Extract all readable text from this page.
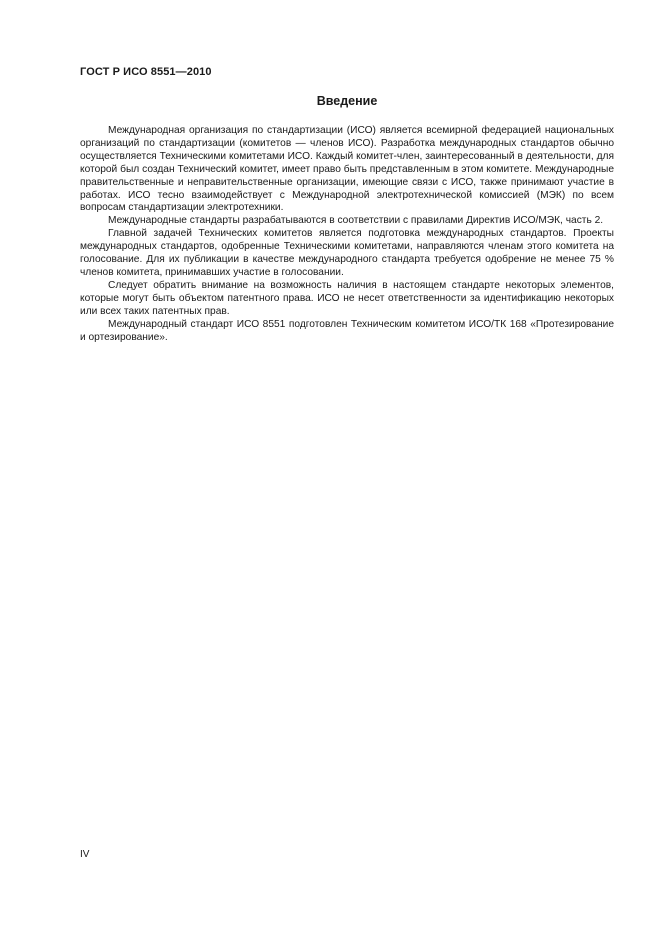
ГОСТ Р ИСО 8551—2010
Введение

Международная организация по стандартизации (ИСО) является всемирной федерацией национальных организаций по стандартизации (комитетов — членов ИСО). Разработка международных стандартов обычно осуществляется Техническими комитетами ИСО. Каждый комитет-член, заинтересованный в деятельности, для которой был создан Технический комитет, имеет право быть представленным в этом комитете. Международные правительственные и неправительственные организации, имеющие связи с ИСО, также принимают участие в работах. ИСО тесно взаимодействует с Международной электротехнической комиссией (МЭК) по всем вопросам стандартизации электротехники.

Международные стандарты разрабатываются в соответствии с правилами Директив ИСО/МЭК, часть 2.

Главной задачей Технических комитетов является подготовка международных стандартов. Проекты международных стандартов, одобренные Техническими комитетами, направляются членам этого комитета на голосование. Для их публикации в качестве международного стандарта требуется одобрение не менее 75 % членов комитета, принимавших участие в голосовании.

Следует обратить внимание на возможность наличия в настоящем стандарте некоторых элементов, которые могут быть объектом патентного права. ИСО не несет ответственности за идентификацию некоторых или всех таких патентных прав.

Международный стандарт ИСО 8551 подготовлен Техническим комитетом ИСО/ТК 168 «Протезирование и ортезирование».

IV
